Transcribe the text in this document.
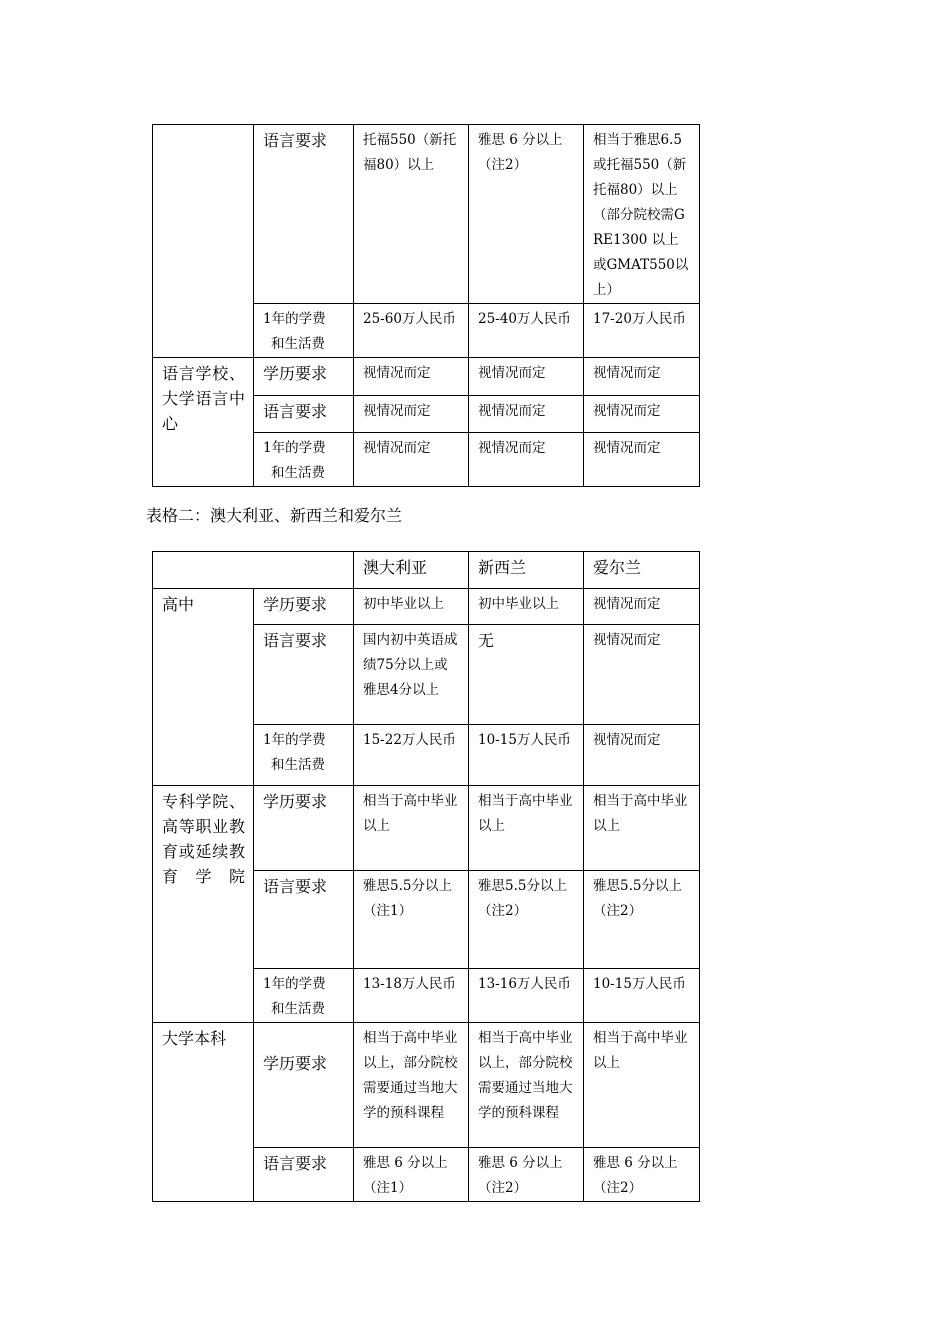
	语言要求	托福550（新托福80）以上	雅思 6 分以上（注2）	相当于雅思6.5或托福550（新托福80）以上（部分院校需GRE1300 以上或GMAT550以上）

	1年的学费
和生活费	25-60万人民币	25-40万人民币	17-20万人民币
语言学校、大学语言中心	学历要求	视情况而定	视情况而定	视情况而定
	语言要求	视情况而定	视情况而定	视情况而定

	1年的学费
和生活费	视情况而定	视情况而定	视情况而定
表格二：澳大利亚、新西兰和爱尔兰
		澳大利亚	新西兰	爱尔兰
高中	学历要求	初中毕业以上	初中毕业以上	视情况而定
	语言要求	国内初中英语成绩75分以上或雅思4分以上	无	视情况而定

	1年的学费
和生活费	15-22万人民币	10-15万人民币	视情况而定
专科学院、高等职业教育或延续教育学院	学历要求	相当于高中毕业以上	相当于高中毕业以上	相当于高中毕业以上
	语言要求	雅思5.5分以上（注1）	雅思5.5分以上（注2）	雅思5.5分以上（注2）

	1年的学费
和生活费	13-18万人民币	13-16万人民币	10-15万人民币
大学本科	学历要求	相当于高中毕业以上，部分院校需要通过当地大学的预科课程	相当于高中毕业以上，部分院校需要通过当地大学的预科课程	相当于高中毕业以上
	语言要求	雅思 6 分以上（注1）	雅思 6 分以上（注2）	雅思 6 分以上（注2）
